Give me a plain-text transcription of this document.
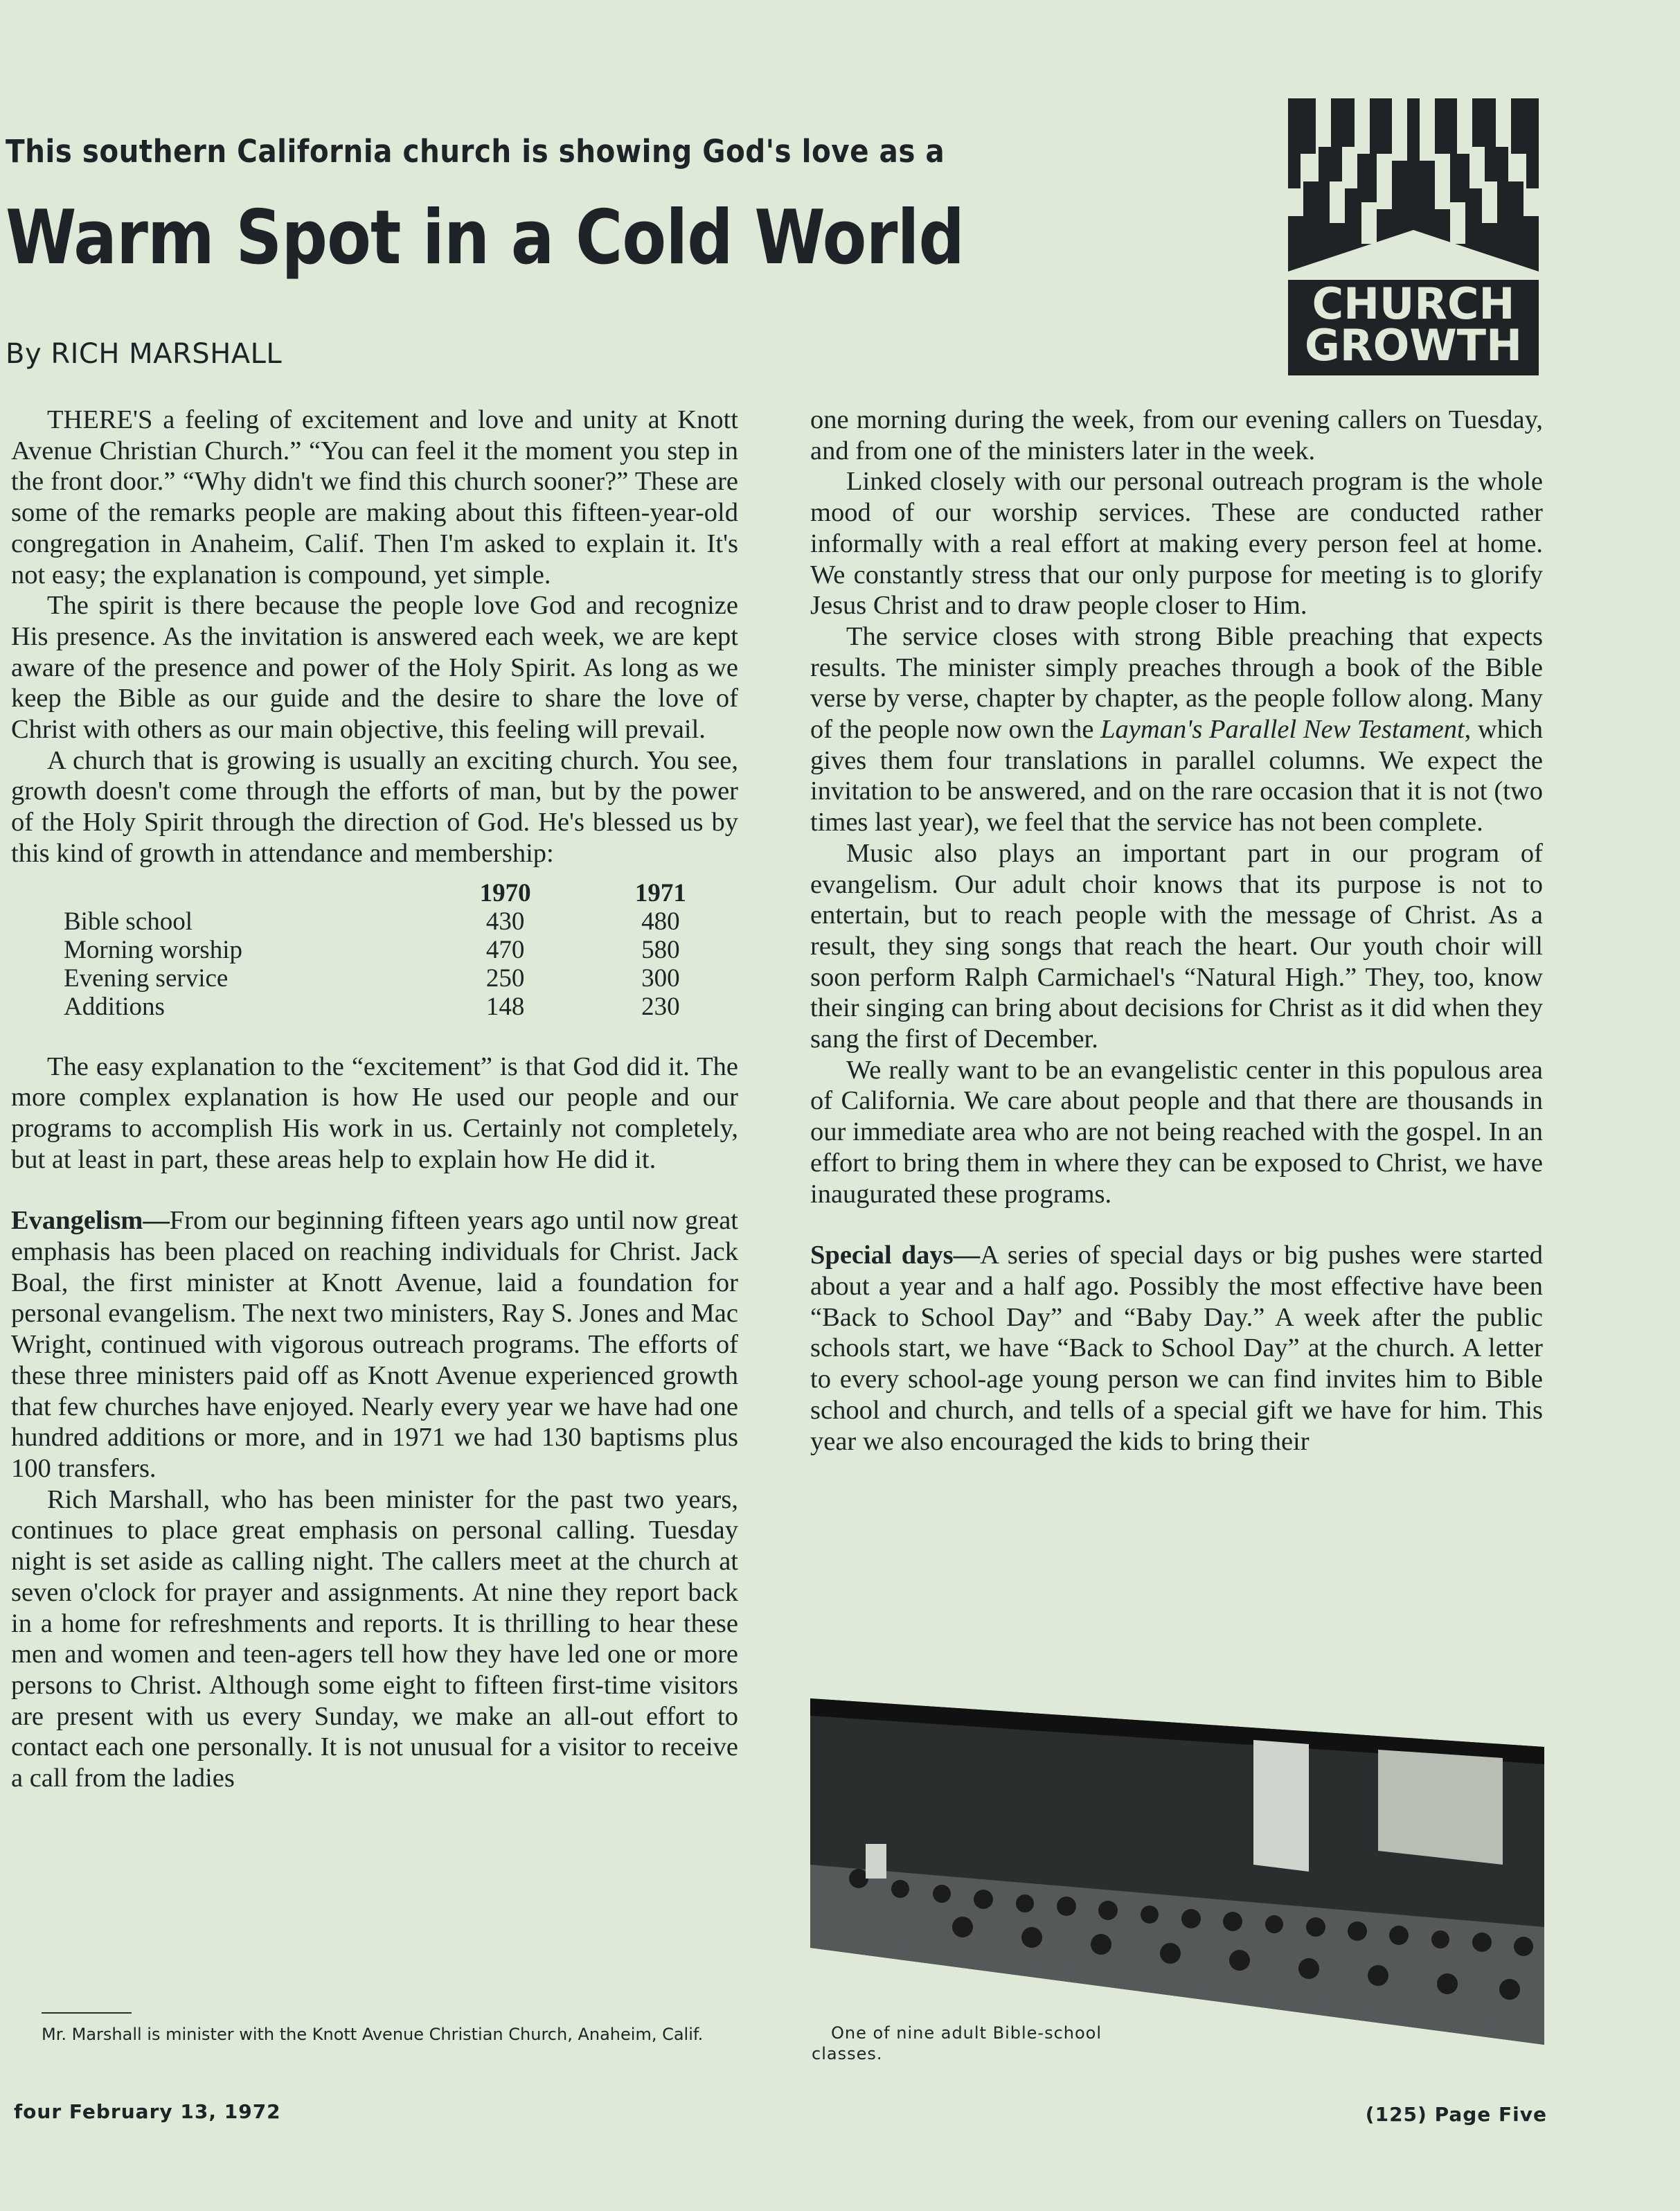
This southern California church is showing God's love as a
Warm Spot in a Cold World
By RICH MARSHALL
CHURCH
GROWTH

THERE'S a feeling of excitement and love and unity at Knott Avenue Christian Church.” “You can feel it the moment you step in the front door.” “Why didn't we find this church sooner?” These are some of the remarks people are making about this fifteen-year-old congregation in Anaheim, Calif. Then I'm asked to explain it. It's not easy; the explanation is compound, yet simple.

The spirit is there because the people love God and recognize His presence. As the invitation is answered each week, we are kept aware of the presence and power of the Holy Spirit. As long as we keep the Bible as our guide and the desire to share the love of Christ with others as our main objective, this feeling will prevail.

A church that is growing is usually an exciting church. You see, growth doesn't come through the efforts of man, but by the power of the Holy Spirit through the direction of God. He's blessed us by this kind of growth in attendance and membership:

	1970	1971
Bible school	430	480
Morning worship	470	580
Evening service	250	300
Additions	148	230

The easy explanation to the “excitement” is that God did it. The more complex explanation is how He used our people and our programs to accomplish His work in us. Certainly not completely, but at least in part, these areas help to explain how He did it.

Evangelism—From our beginning fifteen years ago until now great emphasis has been placed on reaching individuals for Christ. Jack Boal, the first minister at Knott Avenue, laid a foundation for personal evangelism. The next two ministers, Ray S. Jones and Mac Wright, continued with vigorous outreach programs. The efforts of these three ministers paid off as Knott Avenue experienced growth that few churches have enjoyed. Nearly every year we have had one hundred additions or more, and in 1971 we had 130 baptisms plus 100 transfers.

Rich Marshall, who has been minister for the past two years, continues to place great emphasis on personal calling. Tuesday night is set aside as calling night. The callers meet at the church at seven o'clock for prayer and assignments. At nine they report back in a home for refreshments and reports. It is thrilling to hear these men and women and teen-agers tell how they have led one or more persons to Christ. Although some eight to fifteen first-time visitors are present with us every Sunday, we make an all-out effort to contact each one personally. It is not unusual for a visitor to receive a call from the ladies

one morning during the week, from our evening callers on Tuesday, and from one of the ministers later in the week.

Linked closely with our personal outreach program is the whole mood of our worship services. These are conducted rather informally with a real effort at making every person feel at home. We constantly stress that our only purpose for meeting is to glorify Jesus Christ and to draw people closer to Him.

The service closes with strong Bible preaching that expects results. The minister simply preaches through a book of the Bible verse by verse, chapter by chapter, as the people follow along. Many of the people now own the Layman's Parallel New Testament, which gives them four translations in parallel columns. We expect the invitation to be answered, and on the rare occasion that it is not (two times last year), we feel that the service has not been complete.

Music also plays an important part in our program of evangelism. Our adult choir knows that its purpose is not to entertain, but to reach people with the message of Christ. As a result, they sing songs that reach the heart. Our youth choir will soon perform Ralph Carmichael's “Natural High.” They, too, know their singing can bring about decisions for Christ as it did when they sang the first of December.

We really want to be an evangelistic center in this populous area of California. We care about people and that there are thousands in our immediate area who are not being reached with the gospel. In an effort to bring them in where they can be exposed to Christ, we have inaugurated these programs.

Special days—A series of special days or big pushes were started about a year and a half ago. Possibly the most effective have been “Back to School Day” and “Baby Day.” A week after the public schools start, we have “Back to School Day” at the church. A letter to every school-age young person we can find invites him to Bible school and church, and tells of a special gift we have for him. This year we also encouraged the kids to bring their

One of nine adult Bible-school classes.
Mr. Marshall is minister with the Knott Avenue Christian Church, Anaheim, Calif.
four February 13, 1972	(125) Page Five
